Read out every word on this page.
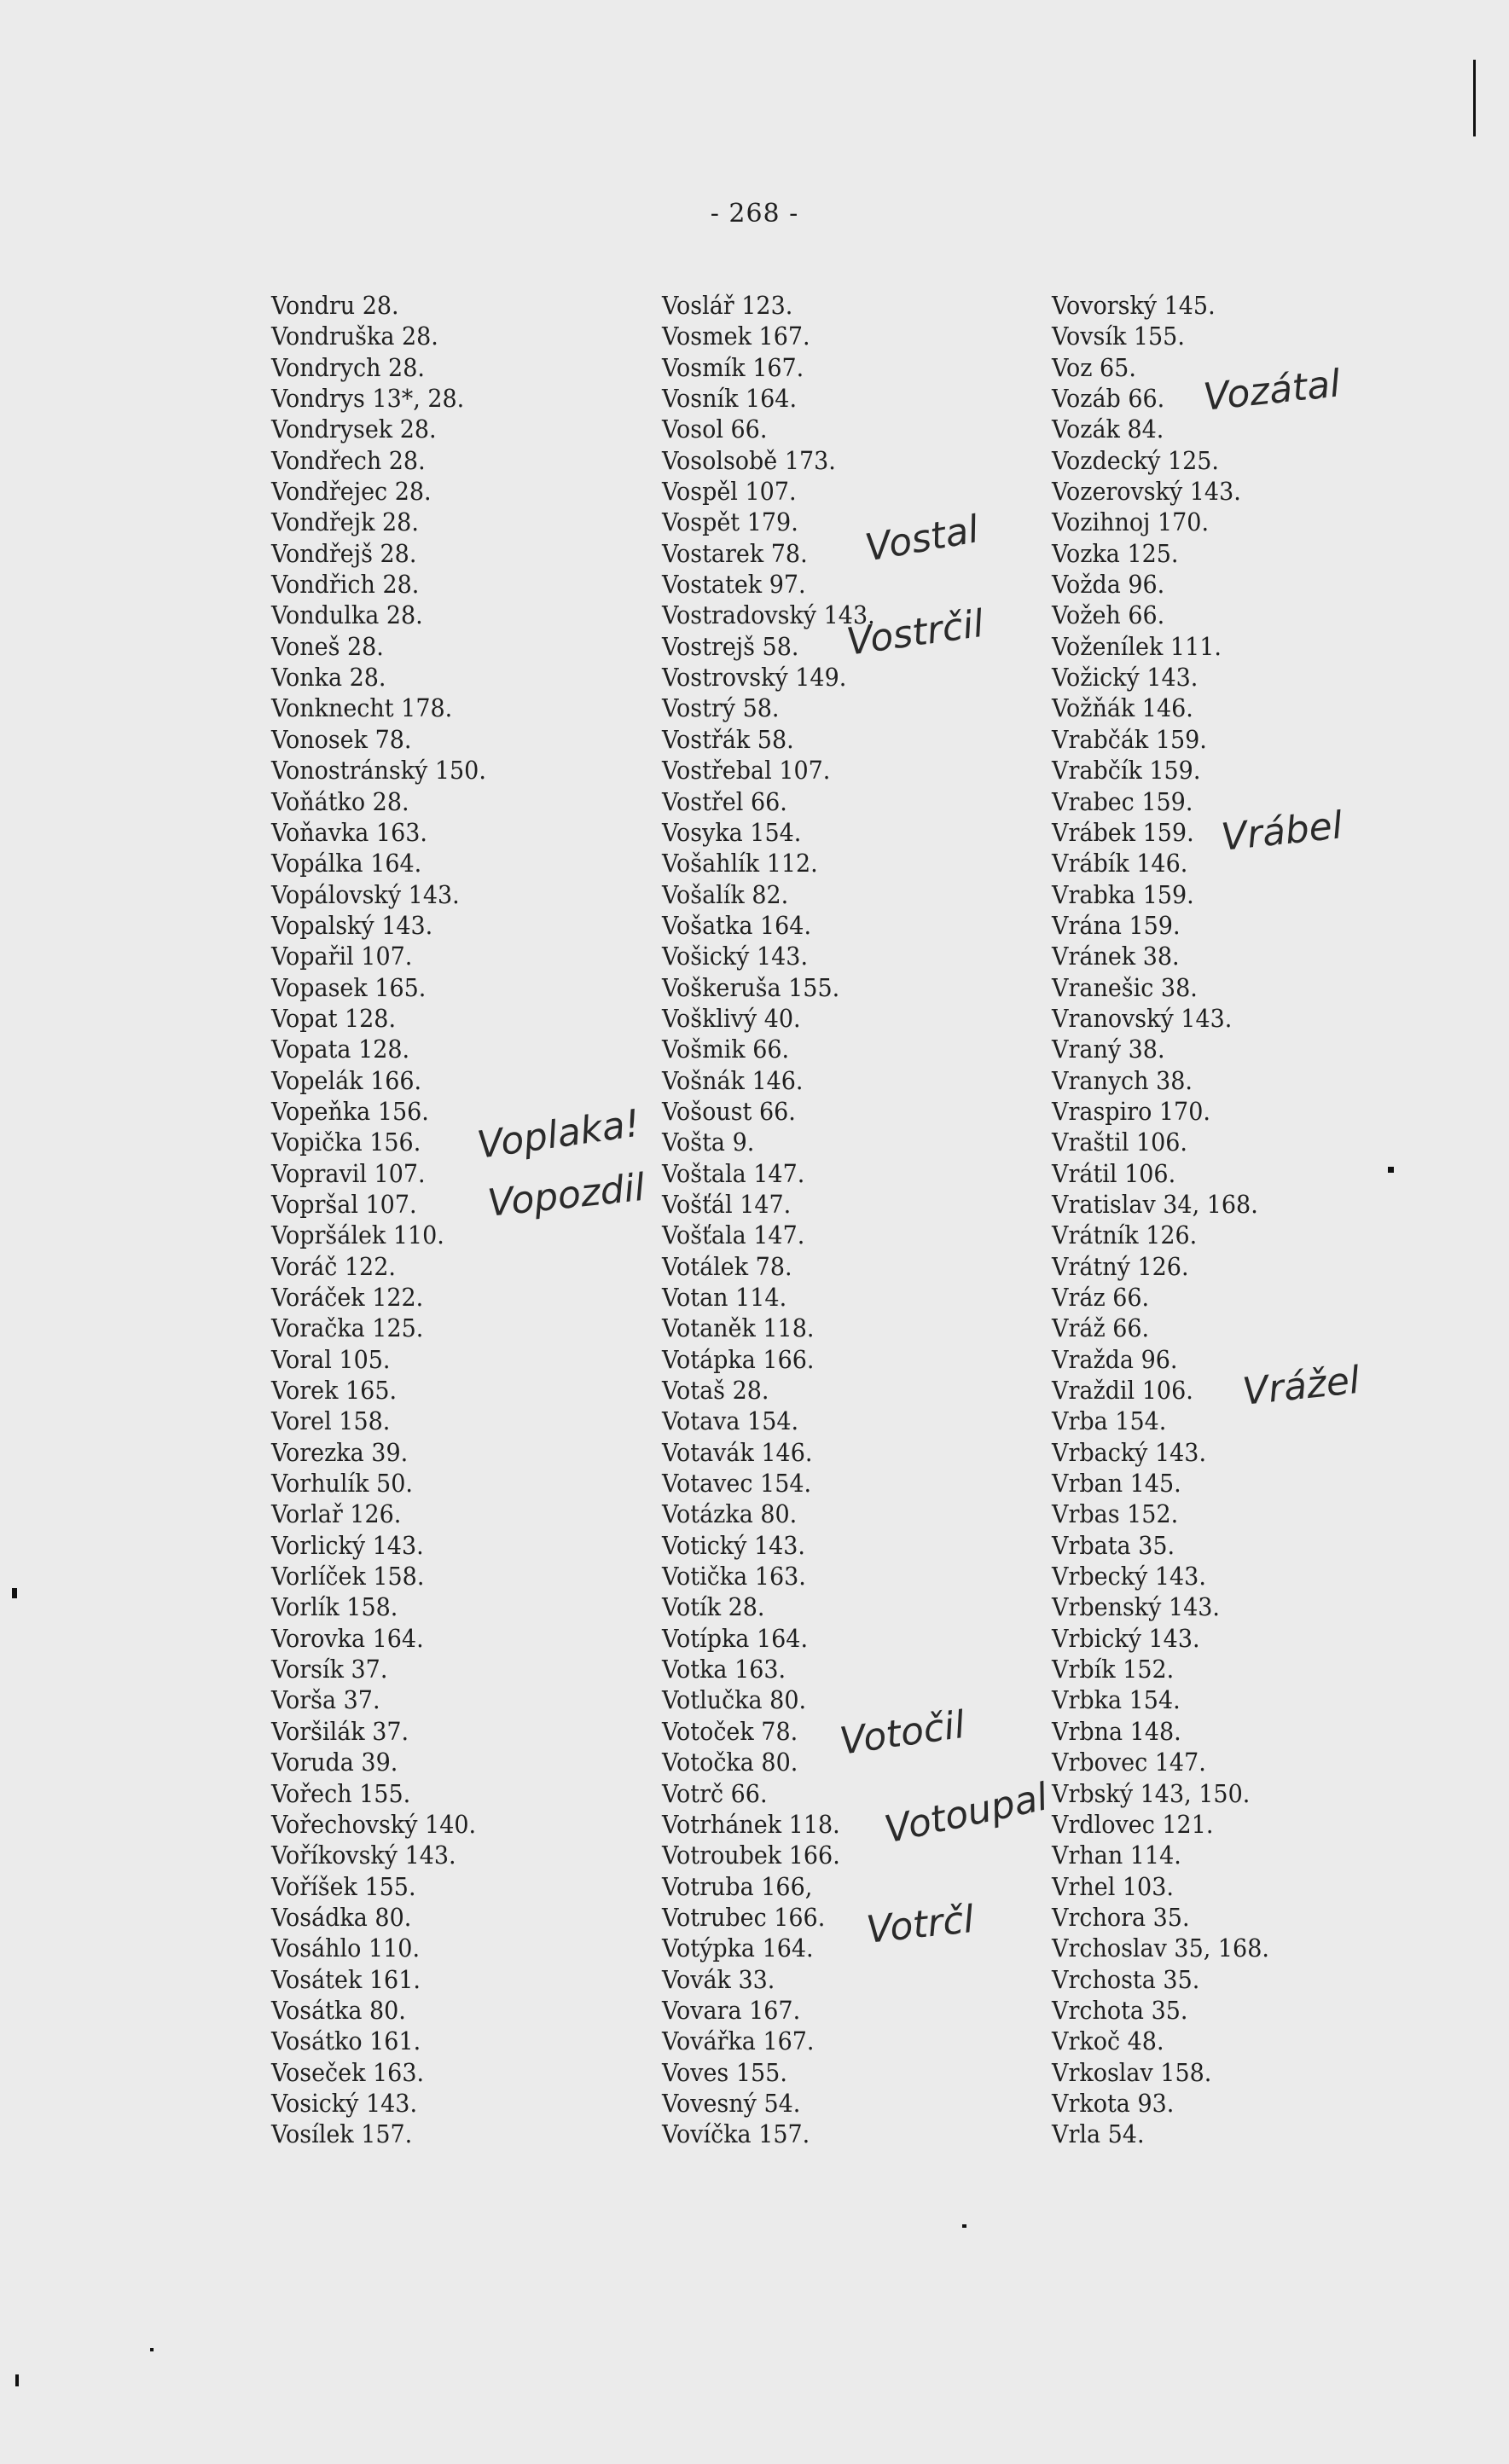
- 268 -
Vondru 28.
Vondruška 28.
Vondrych 28.
Vondrys 13*, 28.
Vondrysek 28.
Vondřech 28.
Vondřejec 28.
Vondřejk 28.
Vondřejš 28.
Vondřich 28.
Vondulka 28.
Voneš 28.
Vonka 28.
Vonknecht 178.
Vonosek 78.
Vonostránský 150.
Voňátko 28.
Voňavka 163.
Vopálka 164.
Vopálovský 143.
Vopalský 143.
Vopařil 107.
Vopasek 165.
Vopat 128.
Vopata 128.
Vopelák 166.
Vopeňka 156.
Vopička 156.
Vopravil 107.
Vopršal 107.
Vopršálek 110.
Voráč 122.
Voráček 122.
Voračka 125.
Voral 105.
Vorek 165.
Vorel 158.
Vorezka 39.
Vorhulík 50.
Vorlař 126.
Vorlický 143.
Vorlíček 158.
Vorlík 158.
Vorovka 164.
Vorsík 37.
Vorša 37.
Voršilák 37.
Voruda 39.
Vořech 155.
Vořechovský 140.
Voříkovský 143.
Voříšek 155.
Vosádka 80.
Vosáhlo 110.
Vosátek 161.
Vosátka 80.
Vosátko 161.
Voseček 163.
Vosický 143.
Vosílek 157.
Voslář 123.
Vosmek 167.
Vosmík 167.
Vosník 164.
Vosol 66.
Vosolsobě 173.
Vospěl 107.
Vospět 179.
Vostarek 78.
Vostatek 97.
Vostradovský 143.
Vostrejš 58.
Vostrovský 149.
Vostrý 58.
Vostřák 58.
Vostřebal 107.
Vostřel 66.
Vosyka 154.
Vošahlík 112.
Vošalík 82.
Vošatka 164.
Vošický 143.
Voškeruša 155.
Vošklivý 40.
Vošmik 66.
Vošnák 146.
Vošoust 66.
Vošta 9.
Voštala 147.
Vošťál 147.
Vošťala 147.
Votálek 78.
Votan 114.
Votaněk 118.
Votápka 166.
Votaš 28.
Votava 154.
Votavák 146.
Votavec 154.
Votázka 80.
Votický 143.
Votička 163.
Votík 28.
Votípka 164.
Votka 163.
Votlučka 80.
Votoček 78.
Votočka 80.
Votrč 66.
Votrhánek 118.
Votroubek 166.
Votruba 166,
Votrubec 166.
Votýpka 164.
Vovák 33.
Vovara 167.
Vovářka 167.
Voves 155.
Vovesný 54.
Vovíčka 157.
Vovorský 145.
Vovsík 155.
Voz 65.
Vozáb 66.
Vozák 84.
Vozdecký 125.
Vozerovský 143.
Vozihnoj 170.
Vozka 125.
Vožda 96.
Vožeh 66.
Voženílek 111.
Vožický 143.
Vožňák 146.
Vrabčák 159.
Vrabčík 159.
Vrabec 159.
Vrábek 159.
Vrábík 146.
Vrabka 159.
Vrána 159.
Vránek 38.
Vranešic 38.
Vranovský 143.
Vraný 38.
Vranych 38.
Vraspiro 170.
Vraštil 106.
Vrátil 106.
Vratislav 34, 168.
Vrátník 126.
Vrátný 126.
Vráz 66.
Vráž 66.
Vražda 96.
Vraždil 106.
Vrba 154.
Vrbacký 143.
Vrban 145.
Vrbas 152.
Vrbata 35.
Vrbecký 143.
Vrbenský 143.
Vrbický 143.
Vrbík 152.
Vrbka 154.
Vrbna 148.
Vrbovec 147.
Vrbský 143, 150.
Vrdlovec 121.
Vrhan 114.
Vrhel 103.
Vrchora 35.
Vrchoslav 35, 168.
Vrchosta 35.
Vrchota 35.
Vrkoč 48.
Vrkoslav 158.
Vrkota 93.
Vrla 54.
Voplaka!
Vopozdil
Vostal
Vostrčil
Votočil
Votoupal
Votrčl
Vozátal
Vrábel
Vrážel
